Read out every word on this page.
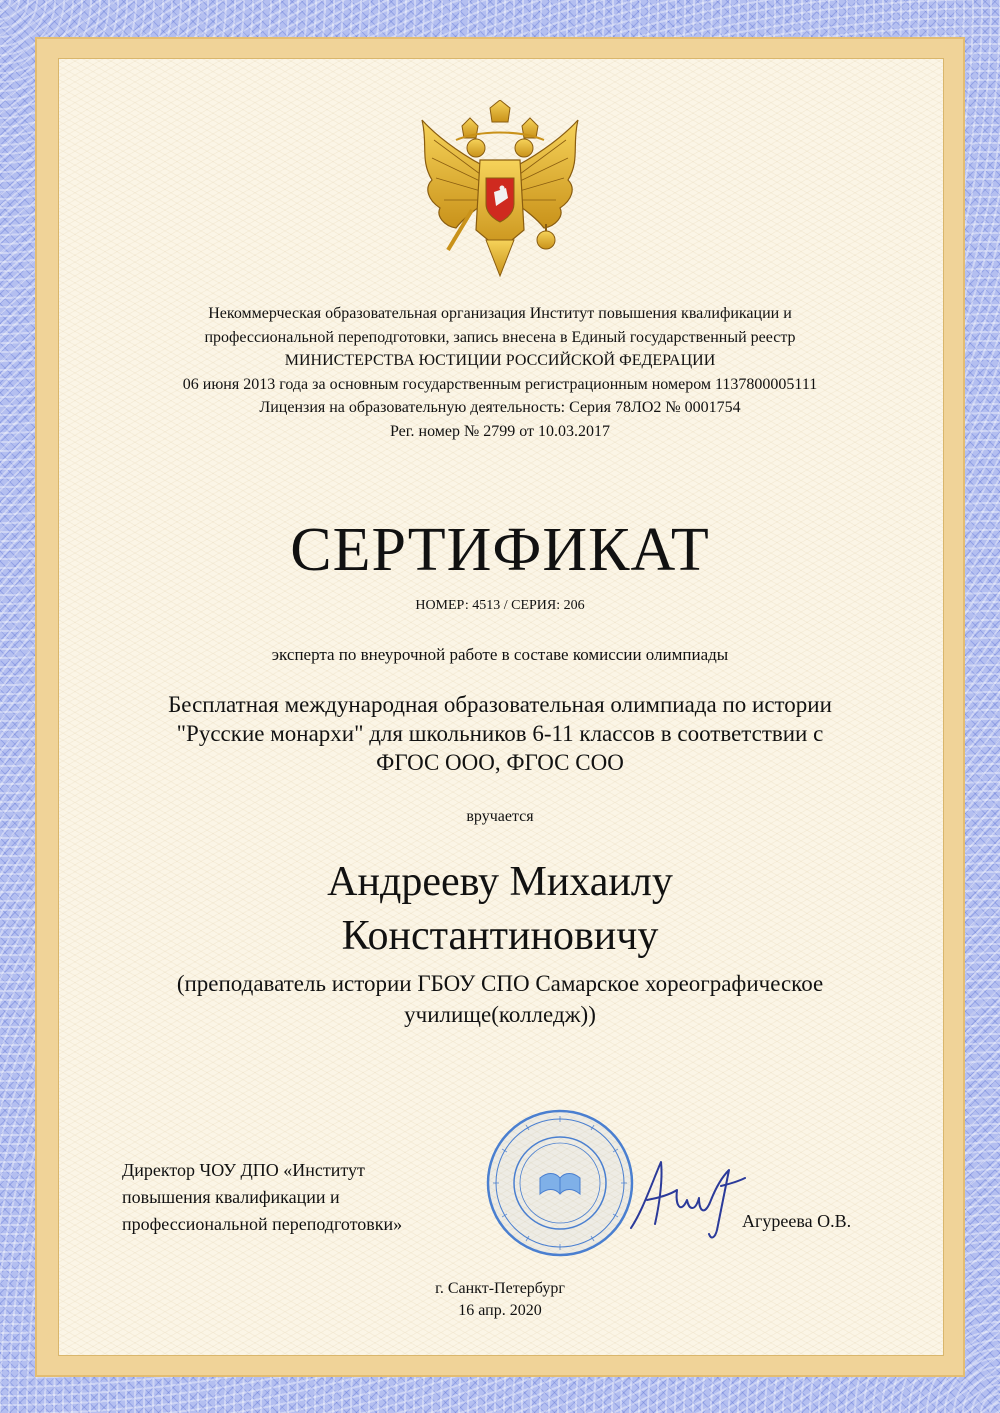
Некоммерческая образовательная организация Институт повышения квалификации и
профессиональной переподготовки, запись внесена в Единый государственный реестр
МИНИСТЕРСТВА ЮСТИЦИИ РОССИЙСКОЙ ФЕДЕРАЦИИ
06 июня 2013 года за основным государственным регистрационным номером 1137800005111
Лицензия на образовательную деятельность: Серия 78ЛО2 № 0001754
Рег. номер № 2799 от 10.03.2017
СЕРТИФИКАТ
НОМЕР: 4513 / СЕРИЯ: 206
эксперта по внеурочной работе в составе комиссии олимпиады
Бесплатная международная образовательная олимпиада по истории
"Русские монархи" для школьников 6-11 классов в соответствии с
ФГОС ООО, ФГОС СОО
вручается
Андрееву Михаилу
Константиновичу
(преподаватель истории ГБОУ СПО Самарское хореографическое
училище(колледж))
Директор ЧОУ ДПО «Институт
повышения квалификации и
профессиональной переподготовки»	Агуреева О.В.
г. Санкт-Петербург
16 апр. 2020
